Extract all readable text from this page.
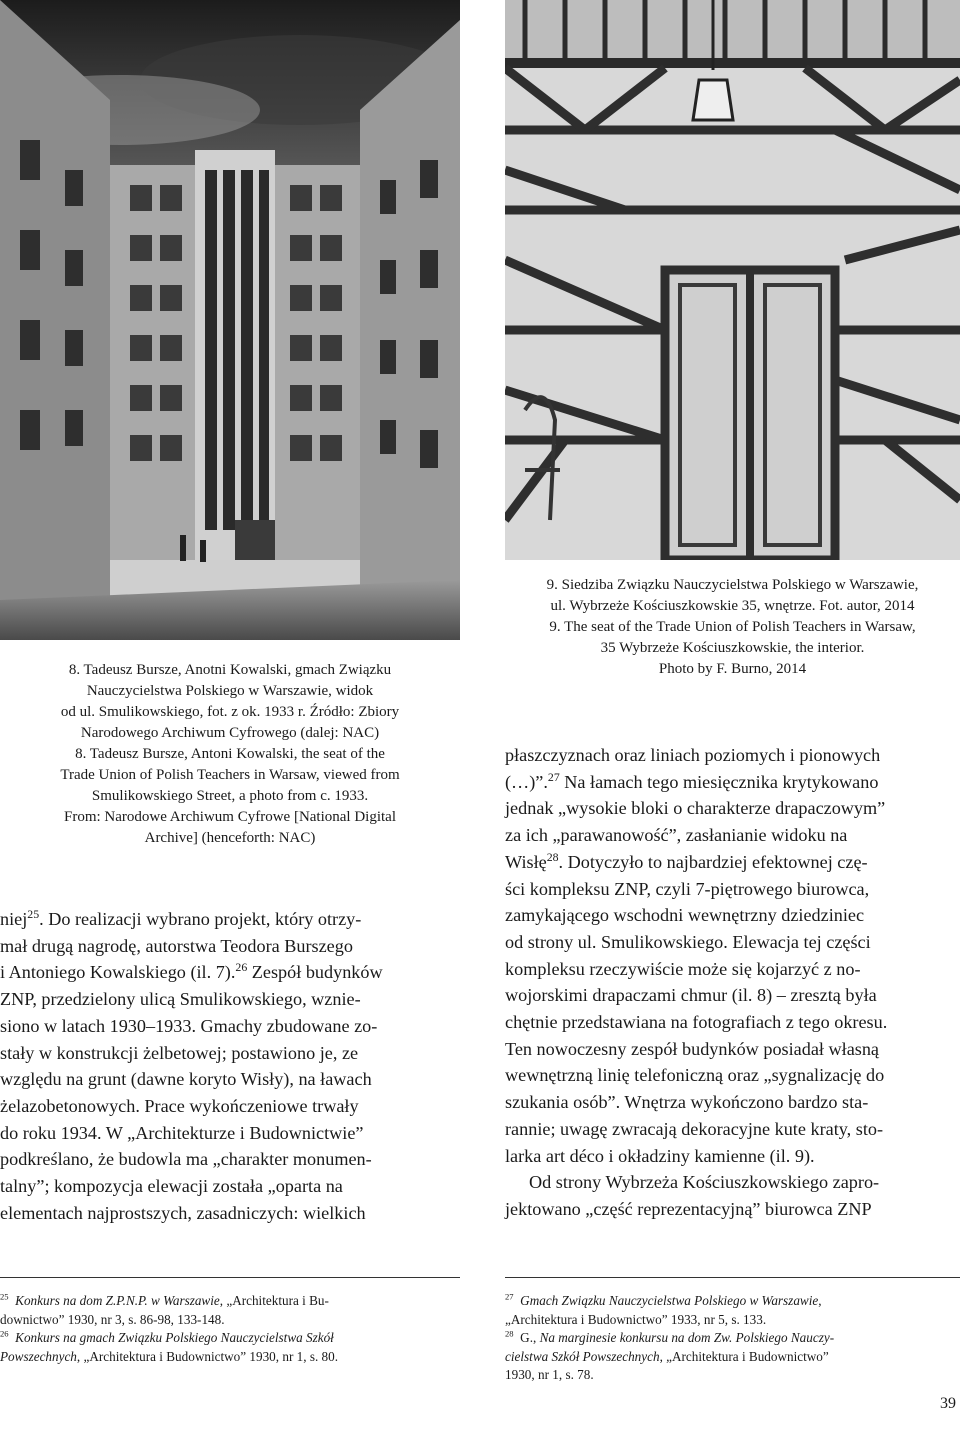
8. Tadeusz Bursze, Anotni Kowalski, gmach Związku

Nauczycielstwa Polskiego w Warszawie, widok

od ul. Smulikowskiego, fot. z ok. 1933 r. Źródło: Zbiory

Narodowego Archiwum Cyfrowego (dalej: NAC)

8. Tadeusz Bursze, Antoni Kowalski, the seat of the

Trade Union of Polish Teachers in Warsaw, viewed from

Smulikowskiego Street, a photo from c. 1933.

From: Narodowe Archiwum Cyfrowe [National Digital

Archive] (henceforth: NAC)

9. Siedziba Związku Nauczycielstwa Polskiego w Warszawie,

ul. Wybrzeże Kościuszkowskie 35, wnętrze. Fot. autor, 2014

9. The seat of the Trade Union of Polish Teachers in Warsaw,

35 Wybrzeże Kościuszkowskie, the interior.

Photo by F. Burno, 2014

niej$^{25}$. Do realizacji wybrano projekt, który otrzy-

mał drugą nagrodę, autorstwa Teodora Burszego

i Antoniego Kowalskiego (il. 7).$^{26}$ Zespół budynków

ZNP, przedzielony ulicą Smulikowskiego, wznie-

siono w latach 1930–1933. Gmachy zbudowane zo-

stały w konstrukcji żelbetowej; postawiono je, ze

względu na grunt (dawne koryto Wisły), na ławach

żelazobetonowych. Prace wykończeniowe trwały

do roku 1934. W „Architekturze i Budownictwie”

podkreślano, że budowla ma „charakter monumen-

talny”; kompozycja elewacji została „oparta na

elementach najprostszych, zasadniczych: wielkich

płaszczyznach oraz liniach poziomych i pionowych

(…)”.$^{27}$ Na łamach tego miesięcznika krytykowano

jednak „wysokie bloki o charakterze drapaczowym”

za ich „parawanowość”, zasłanianie widoku na

Wisłę$^{28}$. Dotyczyło to najbardziej efektownej czę-

ści kompleksu ZNP, czyli 7-piętrowego biurowca,

zamykającego wschodni wewnętrzny dziedziniec

od strony ul. Smulikowskiego. Elewacja tej części

kompleksu rzeczywiście może się kojarzyć z no-

wojorskimi drapaczami chmur (il. 8) – zresztą była

chętnie przedstawiana na fotografiach z tego okresu.

Ten nowoczesny zespół budynków posiadał własną

wewnętrzną linię telefoniczną oraz „sygnalizację do

szukania osób”. Wnętrza wykończono bardzo sta-

rannie; uwagę zwracają dekoracyjne kute kraty, sto-

larka art déco i okładziny kamienne (il. 9).

Od strony Wybrzeża Kościuszkowskiego zapro-

jektowano „część reprezentacyjną” biurowca ZNP

$^{25}$ Konkurs na dom Z.P.N.P. w Warszawie, „Architektura i Bu-

downictwo” 1930, nr 3, s. 86-98, 133-148.

$^{26}$ Konkurs na gmach Związku Polskiego Nauczycielstwa Szkół

Powszechnych, „Architektura i Budownictwo” 1930, nr 1, s. 80.

$^{27}$ Gmach Związku Nauczycielstwa Polskiego w Warszawie,

„Architektura i Budownictwo” 1933, nr 5, s. 133.

$^{28}$ G., Na marginesie konkursu na dom Zw. Polskiego Nauczy-

cielstwa Szkół Powszechnych, „Architektura i Budownictwo”

1930, nr 1, s. 78.

39
